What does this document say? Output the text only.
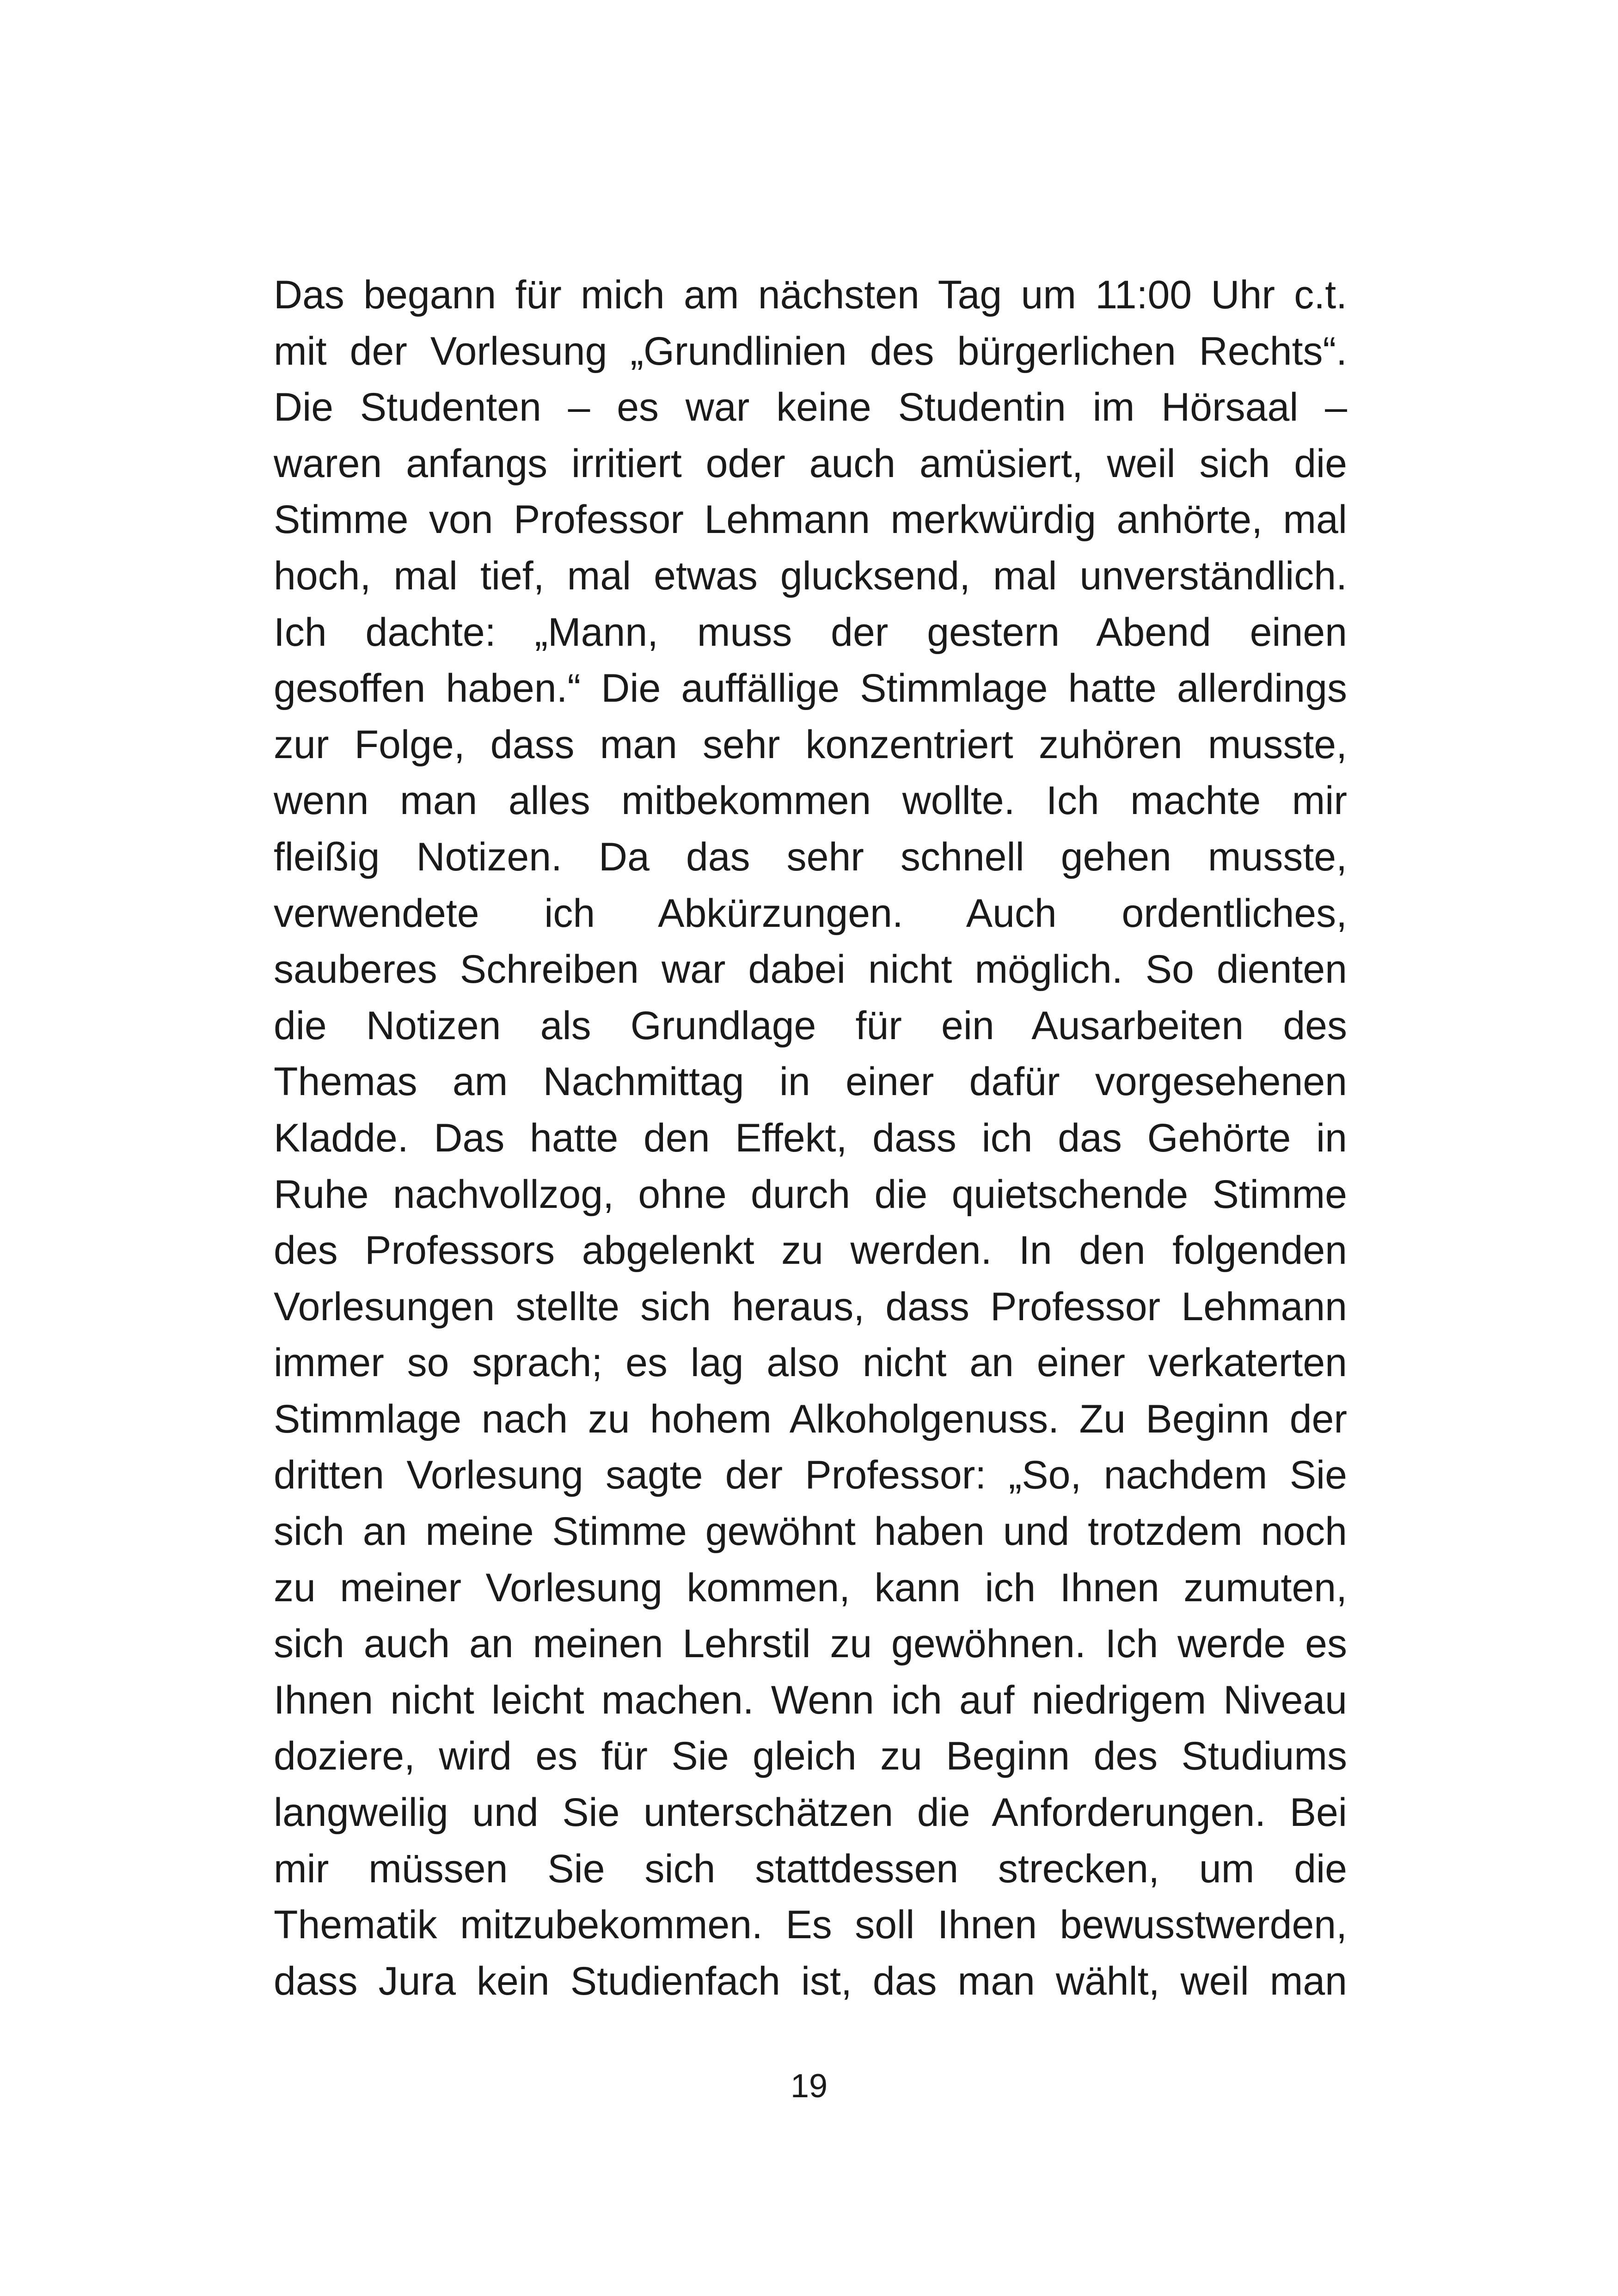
Das begann für mich am nächsten Tag um 11:00 Uhr c.t.
mit der Vorlesung „Grundlinien des bürgerlichen Rechts“.
Die Studenten – es war keine Studentin im Hörsaal –
waren anfangs irritiert oder auch amüsiert, weil sich die
Stimme von Professor Lehmann merkwürdig anhörte, mal
hoch, mal tief, mal etwas glucksend, mal unverständlich.
Ich dachte: „Mann, muss der gestern Abend einen
gesoffen haben.“ Die auffällige Stimmlage hatte allerdings
zur Folge, dass man sehr konzentriert zuhören musste,
wenn man alles mitbekommen wollte. Ich machte mir
fleißig Notizen. Da das sehr schnell gehen musste,
verwendete ich Abkürzungen. Auch ordentliches,
sauberes Schreiben war dabei nicht möglich. So dienten
die Notizen als Grundlage für ein Ausarbeiten des
Themas am Nachmittag in einer dafür vorgesehenen
Kladde. Das hatte den Effekt, dass ich das Gehörte in
Ruhe nachvollzog, ohne durch die quietschende Stimme
des Professors abgelenkt zu werden. In den folgenden
Vorlesungen stellte sich heraus, dass Professor Lehmann
immer so sprach; es lag also nicht an einer verkaterten
Stimmlage nach zu hohem Alkoholgenuss. Zu Beginn der
dritten Vorlesung sagte der Professor: „So, nachdem Sie
sich an meine Stimme gewöhnt haben und trotzdem noch
zu meiner Vorlesung kommen, kann ich Ihnen zumuten,
sich auch an meinen Lehrstil zu gewöhnen. Ich werde es
Ihnen nicht leicht machen. Wenn ich auf niedrigem Niveau
doziere, wird es für Sie gleich zu Beginn des Studiums
langweilig und Sie unterschätzen die Anforderungen. Bei
mir müssen Sie sich stattdessen strecken, um die
Thematik mitzubekommen. Es soll Ihnen bewusstwerden,
dass Jura kein Studienfach ist, das man wählt, weil man
19
